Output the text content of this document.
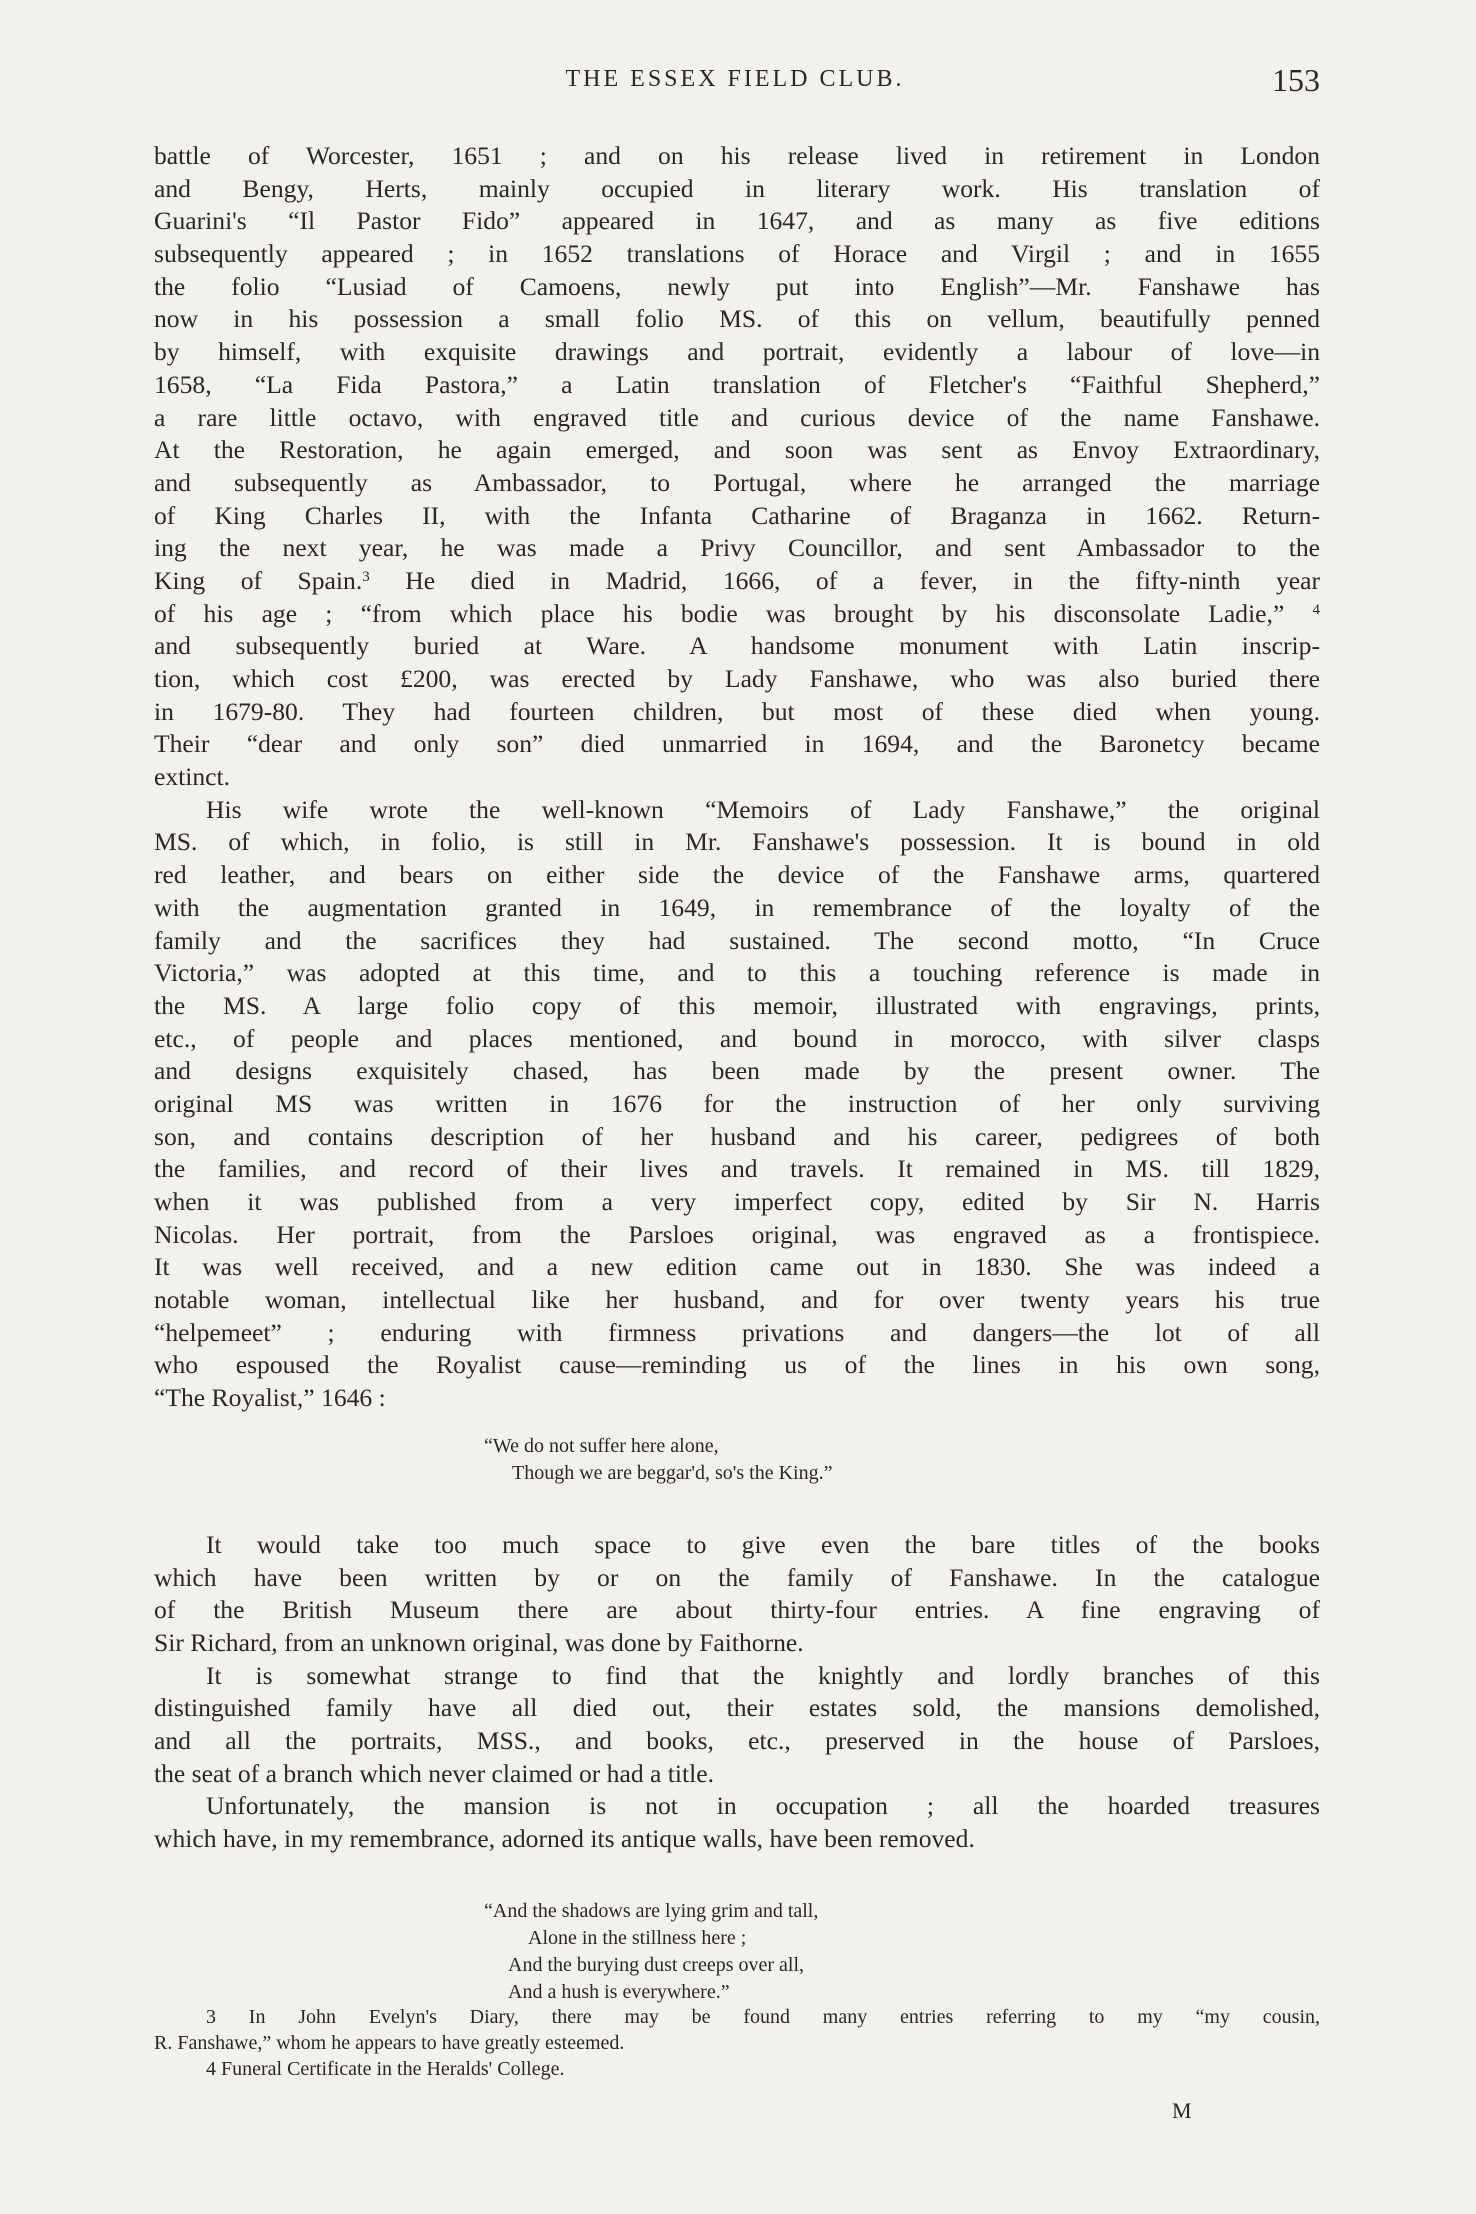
THE ESSEX FIELD CLUB.	153
battle of Worcester, 1651 ; and on his release lived in retirement in London
and Bengy, Herts, mainly occupied in literary work. His translation of
Guarini's “Il Pastor Fido” appeared in 1647, and as many as five editions
subsequently appeared ; in 1652 translations of Horace and Virgil ; and in 1655
the folio “Lusiad of Camoens, newly put into English”—Mr. Fanshawe has
now in his possession a small folio MS. of this on vellum, beautifully penned
by himself, with exquisite drawings and portrait, evidently a labour of love—in
1658, “La Fida Pastora,” a Latin translation of Fletcher's “Faithful Shepherd,”
a rare little octavo, with engraved title and curious device of the name Fanshawe.
At the Restoration, he again emerged, and soon was sent as Envoy Extraordinary,
and subsequently as Ambassador, to Portugal, where he arranged the marriage
of King Charles II, with the Infanta Catharine of Braganza in 1662. Return-
ing the next year, he was made a Privy Councillor, and sent Ambassador to the
King of Spain.$^3$ He died in Madrid, 1666, of a fever, in the fifty-ninth year
of his age ; “from which place his bodie was brought by his disconsolate Ladie,” $^4$
and subsequently buried at Ware. A handsome monument with Latin inscrip-
tion, which cost £200, was erected by Lady Fanshawe, who was also buried there
in 1679-80. They had fourteen children, but most of these died when young.
Their “dear and only son” died unmarried in 1694, and the Baronetcy became
extinct.
His wife wrote the well-known “Memoirs of Lady Fanshawe,” the original
MS. of which, in folio, is still in Mr. Fanshawe's possession. It is bound in old
red leather, and bears on either side the device of the Fanshawe arms, quartered
with the augmentation granted in 1649, in remembrance of the loyalty of the
family and the sacrifices they had sustained. The second motto, “In Cruce
Victoria,” was adopted at this time, and to this a touching reference is made in
the MS. A large folio copy of this memoir, illustrated with engravings, prints,
etc., of people and places mentioned, and bound in morocco, with silver clasps
and designs exquisitely chased, has been made by the present owner. The
original MS was written in 1676 for the instruction of her only surviving
son, and contains description of her husband and his career, pedigrees of both
the families, and record of their lives and travels. It remained in MS. till 1829,
when it was published from a very imperfect copy, edited by Sir N. Harris
Nicolas. Her portrait, from the Parsloes original, was engraved as a frontispiece.
It was well received, and a new edition came out in 1830. She was indeed a
notable woman, intellectual like her husband, and for over twenty years his true
“helpemeet” ; enduring with firmness privations and dangers—the lot of all
who espoused the Royalist cause—reminding us of the lines in his own song,
“The Royalist,” 1646 :
“We do not suffer here alone,
Though we are beggar'd, so's the King.”
It would take too much space to give even the bare titles of the books
which have been written by or on the family of Fanshawe. In the catalogue
of the British Museum there are about thirty-four entries. A fine engraving of
Sir Richard, from an unknown original, was done by Faithorne.
It is somewhat strange to find that the knightly and lordly branches of this
distinguished family have all died out, their estates sold, the mansions demolished,
and all the portraits, MSS., and books, etc., preserved in the house of Parsloes,
the seat of a branch which never claimed or had a title.
Unfortunately, the mansion is not in occupation ; all the hoarded treasures
which have, in my remembrance, adorned its antique walls, have been removed.
“And the shadows are lying grim and tall,
Alone in the stillness here ;
And the burying dust creeps over all,
And a hush is everywhere.”
3 In John Evelyn's Diary, there may be found many entries referring to my “my cousin,
R. Fanshawe,” whom he appears to have greatly esteemed.
4 Funeral Certificate in the Heralds' College.
M
